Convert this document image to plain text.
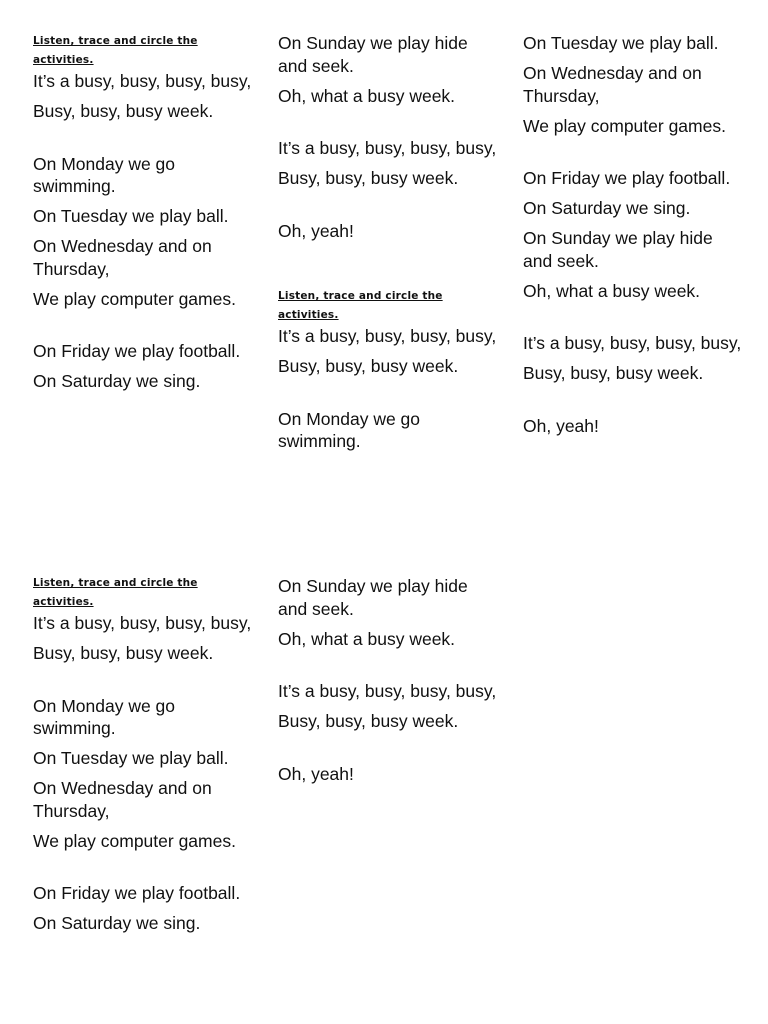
Listen, trace and circle the activities.

It’s a busy, busy, busy, busy,

Busy, busy, busy week.

On Monday we go swimming.

On Tuesday we play ball.

On Wednesday and on Thursday,

We play computer games.

On Friday we play football.

On Saturday we sing.

On Sunday we play hide and seek.

Oh, what a busy week.

It’s a busy, busy, busy, busy,

Busy, busy, busy week.

Oh, yeah!

Listen, trace and circle the activities.

It’s a busy, busy, busy, busy,

Busy, busy, busy week.

On Monday we go swimming.

On Tuesday we play ball.

On Wednesday and on Thursday,

We play computer games.

On Friday we play football.

On Saturday we sing.

On Sunday we play hide and seek.

Oh, what a busy week.

It’s a busy, busy, busy, busy,

Busy, busy, busy week.

Oh, yeah!

Listen, trace and circle the activities.

It’s a busy, busy, busy, busy,

Busy, busy, busy week.

On Monday we go swimming.

On Tuesday we play ball.

On Wednesday and on Thursday,

We play computer games.

On Friday we play football.

On Saturday we sing.

On Sunday we play hide and seek.

Oh, what a busy week.

It’s a busy, busy, busy, busy,

Busy, busy, busy week.

Oh, yeah!
